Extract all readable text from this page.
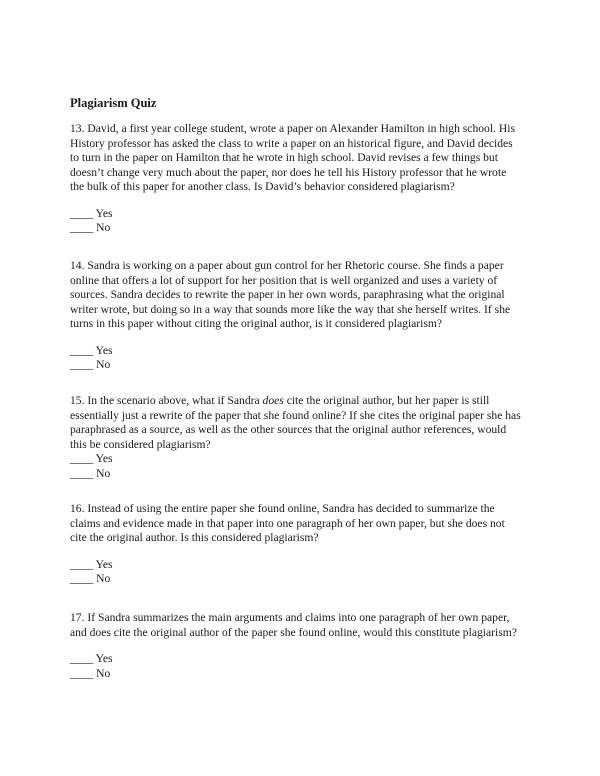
Plagiarism Quiz

13. David, a first year college student, wrote a paper on Alexander Hamilton in high school. His

History professor has asked the class to write a paper on an historical figure, and David decides

to turn in the paper on Hamilton that he wrote in high school. David revises a few things but

doesn’t change very much about the paper, nor does he tell his History professor that he wrote

the bulk of this paper for another class. Is David’s behavior considered plagiarism?

____ Yes
____ No

14. Sandra is working on a paper about gun control for her Rhetoric course. She finds a paper

online that offers a lot of support for her position that is well organized and uses a variety of

sources. Sandra decides to rewrite the paper in her own words, paraphrasing what the original

writer wrote, but doing so in a way that sounds more like the way that she herself writes. If she

turns in this paper without citing the original author, is it considered plagiarism?

____ Yes
____ No

15. In the scenario above, what if Sandra does cite the original author, but her paper is still

essentially just a rewrite of the paper that she found online? If she cites the original paper she has

paraphrased as a source, as well as the other sources that the original author references, would

this be considered plagiarism?

____ Yes
____ No

16. Instead of using the entire paper she found online, Sandra has decided to summarize the

claims and evidence made in that paper into one paragraph of her own paper, but she does not

cite the original author. Is this considered plagiarism?

____ Yes
____ No

17. If Sandra summarizes the main arguments and claims into one paragraph of her own paper,

and does cite the original author of the paper she found online, would this constitute plagiarism?

____ Yes
____ No
